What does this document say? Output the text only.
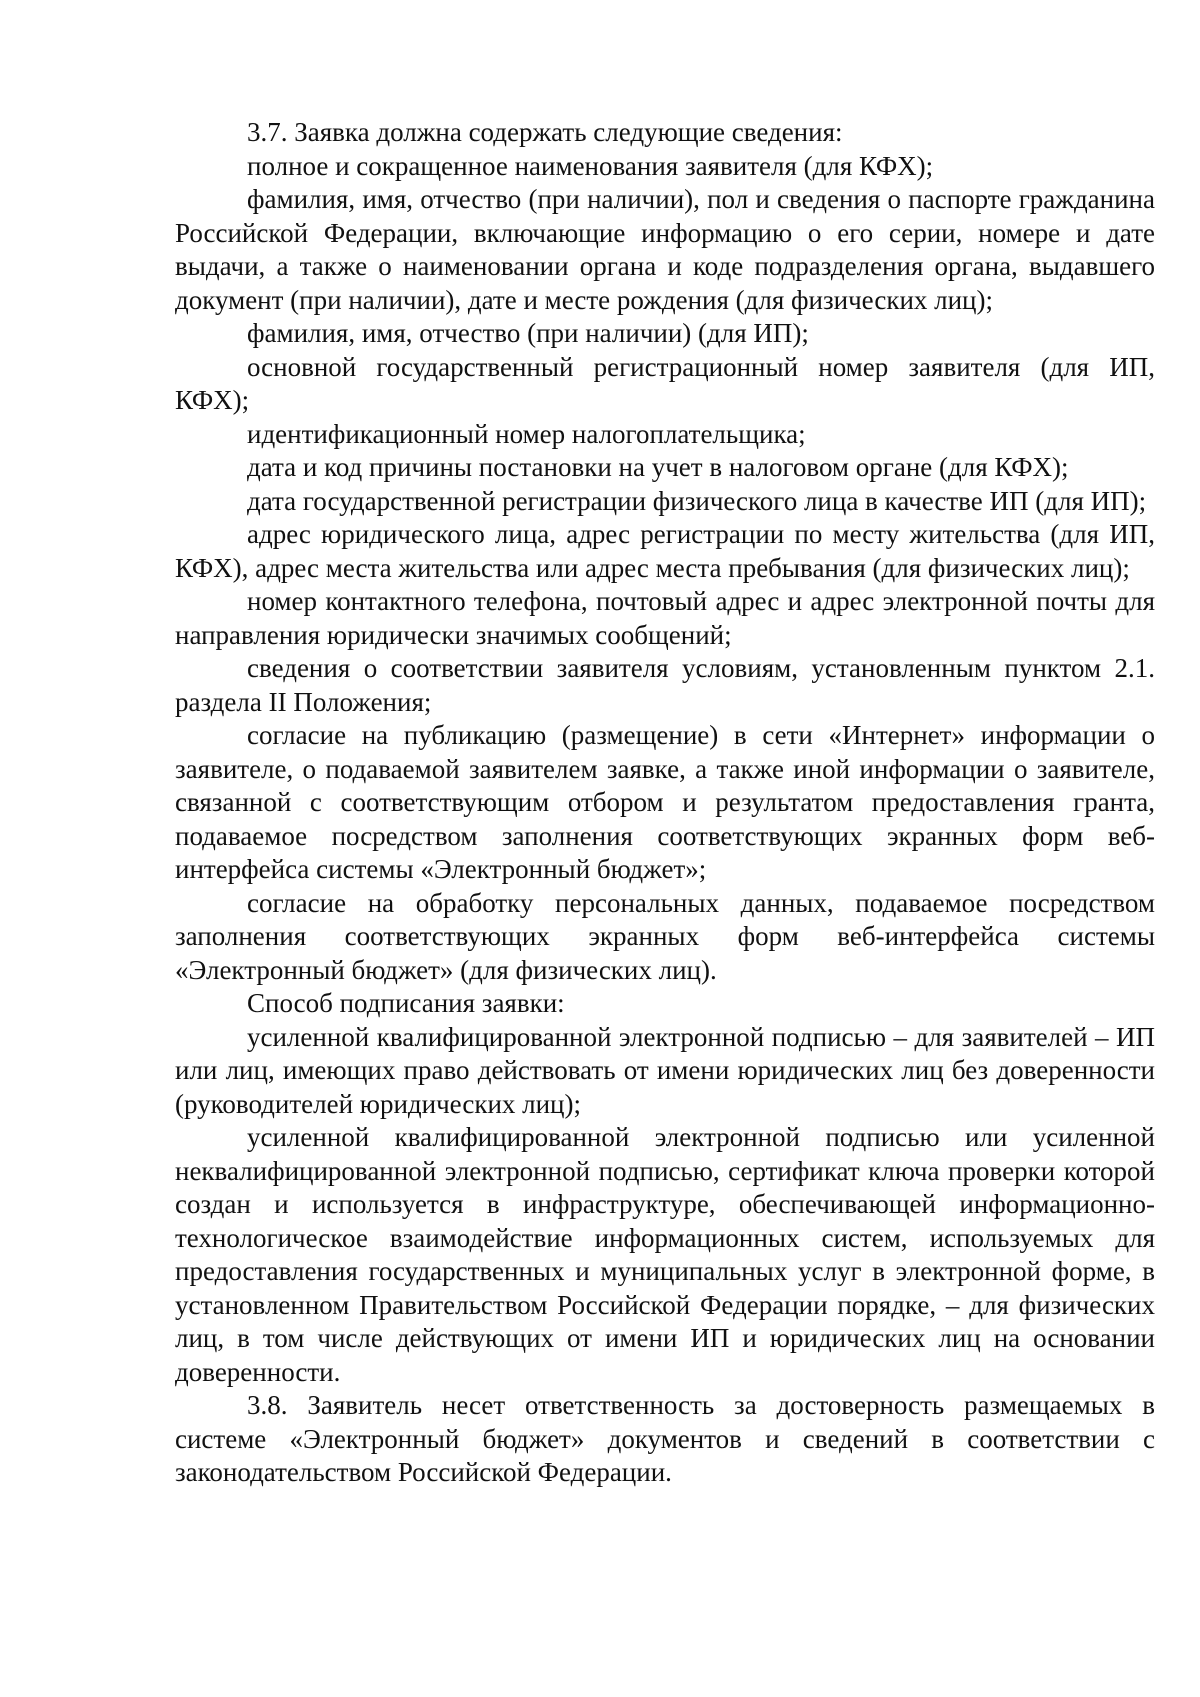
3.7. Заявка должна содержать следующие сведения:

полное и сокращенное наименования заявителя (для КФХ);

фамилия, имя, отчество (при наличии), пол и сведения о паспорте гражданина Российской Федерации, включающие информацию о его серии, номере и дате выдачи, а также о наименовании органа и коде подразделения органа, выдавшего документ (при наличии), дате и месте рождения (для физических лиц);

фамилия, имя, отчество (при наличии) (для ИП);

основной государственный регистрационный номер заявителя (для ИП, КФХ);

идентификационный номер налогоплательщика;

дата и код причины постановки на учет в налоговом органе (для КФХ);

дата государственной регистрации физического лица в качестве ИП (для ИП);

адрес юридического лица, адрес регистрации по месту жительства (для ИП, КФХ), адрес места жительства или адрес места пребывания (для физических лиц);

номер контактного телефона, почтовый адрес и адрес электронной почты для направления юридически значимых сообщений;

сведения о соответствии заявителя условиям, установленным пунктом 2.1. раздела II Положения;

согласие на публикацию (размещение) в сети «Интернет» информации о заявителе, о подаваемой заявителем заявке, а также иной информации о заявителе, связанной с соответствующим отбором и результатом предоставления гранта, подаваемое посредством заполнения соответствующих экранных форм веб-интерфейса системы «Электронный бюджет»;

согласие на обработку персональных данных, подаваемое посредством заполнения соответствующих экранных форм веб-интерфейса системы «Электронный бюджет» (для физических лиц).

Способ подписания заявки:

усиленной квалифицированной электронной подписью – для заявителей – ИП или лиц, имеющих право действовать от имени юридических лиц без доверенности (руководителей юридических лиц);

усиленной квалифицированной электронной подписью или усиленной неквалифицированной электронной подписью, сертификат ключа проверки которой создан и используется в инфраструктуре, обеспечивающей информационно-технологическое взаимодействие информационных систем, используемых для предоставления государственных и муниципальных услуг в электронной форме, в установленном Правительством Российской Федерации порядке, – для физических лиц, в том числе действующих от имени ИП и юридических лиц на основании доверенности.

3.8. Заявитель несет ответственность за достоверность размещаемых в системе «Электронный бюджет» документов и сведений в соответствии с законодательством Российской Федерации.
